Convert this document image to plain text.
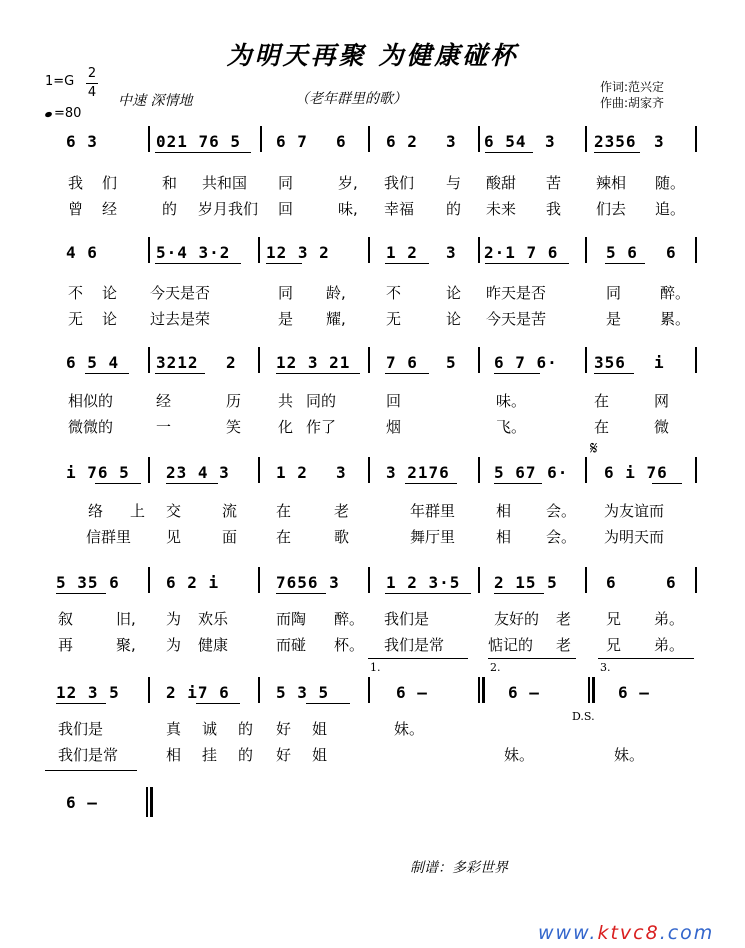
为明天再聚 为健康碰杯
1=G
2
4
=80
中速 深情地	（老年群里的歌）
作词:范兴定
作曲:胡家齐
6 3	021 76 5 6 7 6 6 2 3 6 54 3 2356 3
我 们	和 共和国 同	岁, 我们 与 酸甜 苦 辣相 随。
曾 经	的 岁月我们 回	味, 幸福 的 未来 我 们去 追。
4 6	5·4 3·2 12 3 2	1 2 3 2·1 7 6	5 6 6
不 论 今天是否	同 龄,	不	论 昨天是否	同	醉。
无 论 过去是荣	是 耀,	无	论 今天是苦	是	累。
6 5 4 3212 2 12 3 21 7 6 5 6 7 6· 356 i
相似的	经	历 共 同的	回	味。	在	网
微微的	一	笑 化 作了	烟	飞。	在	微
𝄋
i 76 5 23 4 3	1 2 3 3 2176	5 67 6· 6 i 76
络 上 交	流	在	老	年群里	相 会。 为友谊而
信群里 见	面	在	歌	舞厅里	相 会。 为明天而
5 35 6	6 2 i	7656 3	1 2 3·5 2 15 5	6	6
叙	旧, 为 欢乐	而陶 醉。 我们是	友好的 老 兄 弟。
再	聚, 为 健康	而碰 杯。 我们是常	惦记的 老 兄 弟。
1.	2.	3.
12 3 5	2 i7 6	5 3 5	6 –	6 –	6 –
D.S.
我们是	真 诚 的 好 姐	妹。
我们是常	相 挂 的 好 姐	妹。	妹。
6 –
制谱：多彩世界
www.ktvc8.com
